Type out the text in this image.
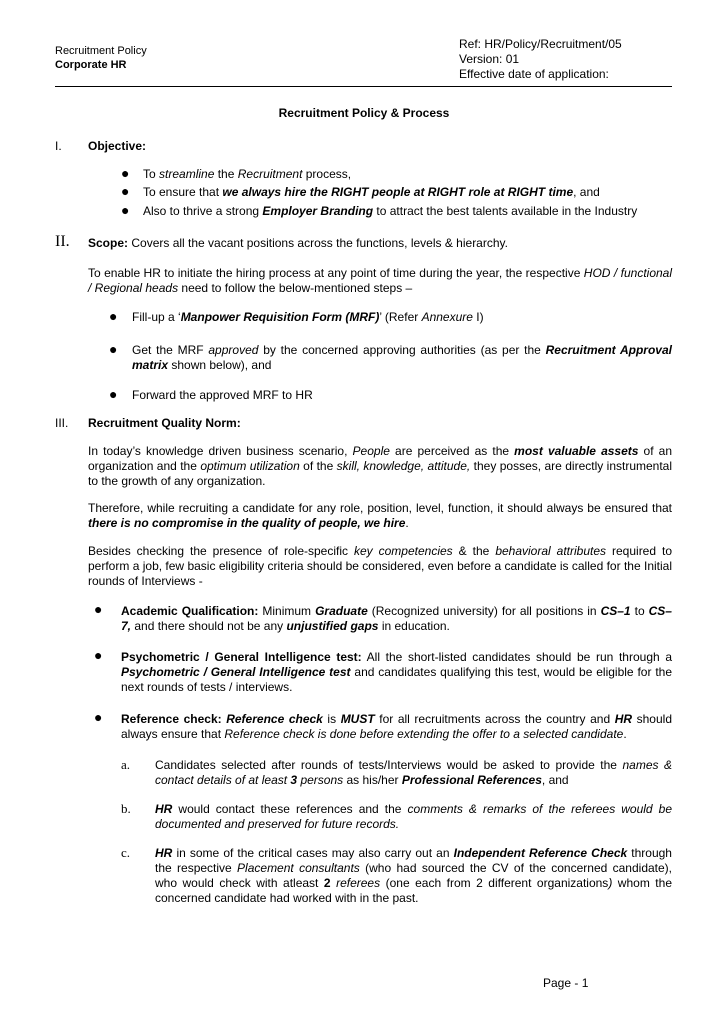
Recruitment Policy
Corporate HR
Ref: HR/Policy/Recruitment/05
Version: 01
Effective date of application:
Recruitment Policy & Process
I. Objective:
● To streamline the Recruitment process,
● To ensure that we always hire the RIGHT people at RIGHT role at RIGHT time, and
● Also to thrive a strong Employer Branding to attract the best talents available in the Industry
II. Scope: Covers all the vacant positions across the functions, levels & hierarchy.
To enable HR to initiate the hiring process at any point of time during the year, the respective HOD / functional / Regional heads need to follow the below-mentioned steps –
● Fill-up a ‘Manpower Requisition Form (MRF)’ (Refer Annexure I)
● Get the MRF approved by the concerned approving authorities (as per the Recruitment Approval matrix shown below), and
● Forward the approved MRF to HR
III. Recruitment Quality Norm:
In today’s knowledge driven business scenario, People are perceived as the most valuable assets of an organization and the optimum utilization of the skill, knowledge, attitude, they posses, are directly instrumental to the growth of any organization.
Therefore, while recruiting a candidate for any role, position, level, function, it should always be ensured that there is no compromise in the quality of people, we hire.
Besides checking the presence of role-specific key competencies & the behavioral attributes required to perform a job, few basic eligibility criteria should be considered, even before a candidate is called for the Initial rounds of Interviews -
● Academic Qualification: Minimum Graduate (Recognized university) for all positions in CS–1 to CS–7, and there should not be any unjustified gaps in education.
● Psychometric / General Intelligence test: All the short-listed candidates should be run through a Psychometric / General Intelligence test and candidates qualifying this test, would be eligible for the next rounds of tests / interviews.
● Reference check: Reference check is MUST for all recruitments across the country and HR should always ensure that Reference check is done before extending the offer to a selected candidate.
a. Candidates selected after rounds of tests/Interviews would be asked to provide the names & contact details of at least 3 persons as his/her Professional References, and
b. HR would contact these references and the comments & remarks of the referees would be documented and preserved for future records.
c. HR in some of the critical cases may also carry out an Independent Reference Check through the respective Placement consultants (who had sourced the CV of the concerned candidate), who would check with atleast 2 referees (one each from 2 different organizations) whom the concerned candidate had worked with in the past.
Page - 1
